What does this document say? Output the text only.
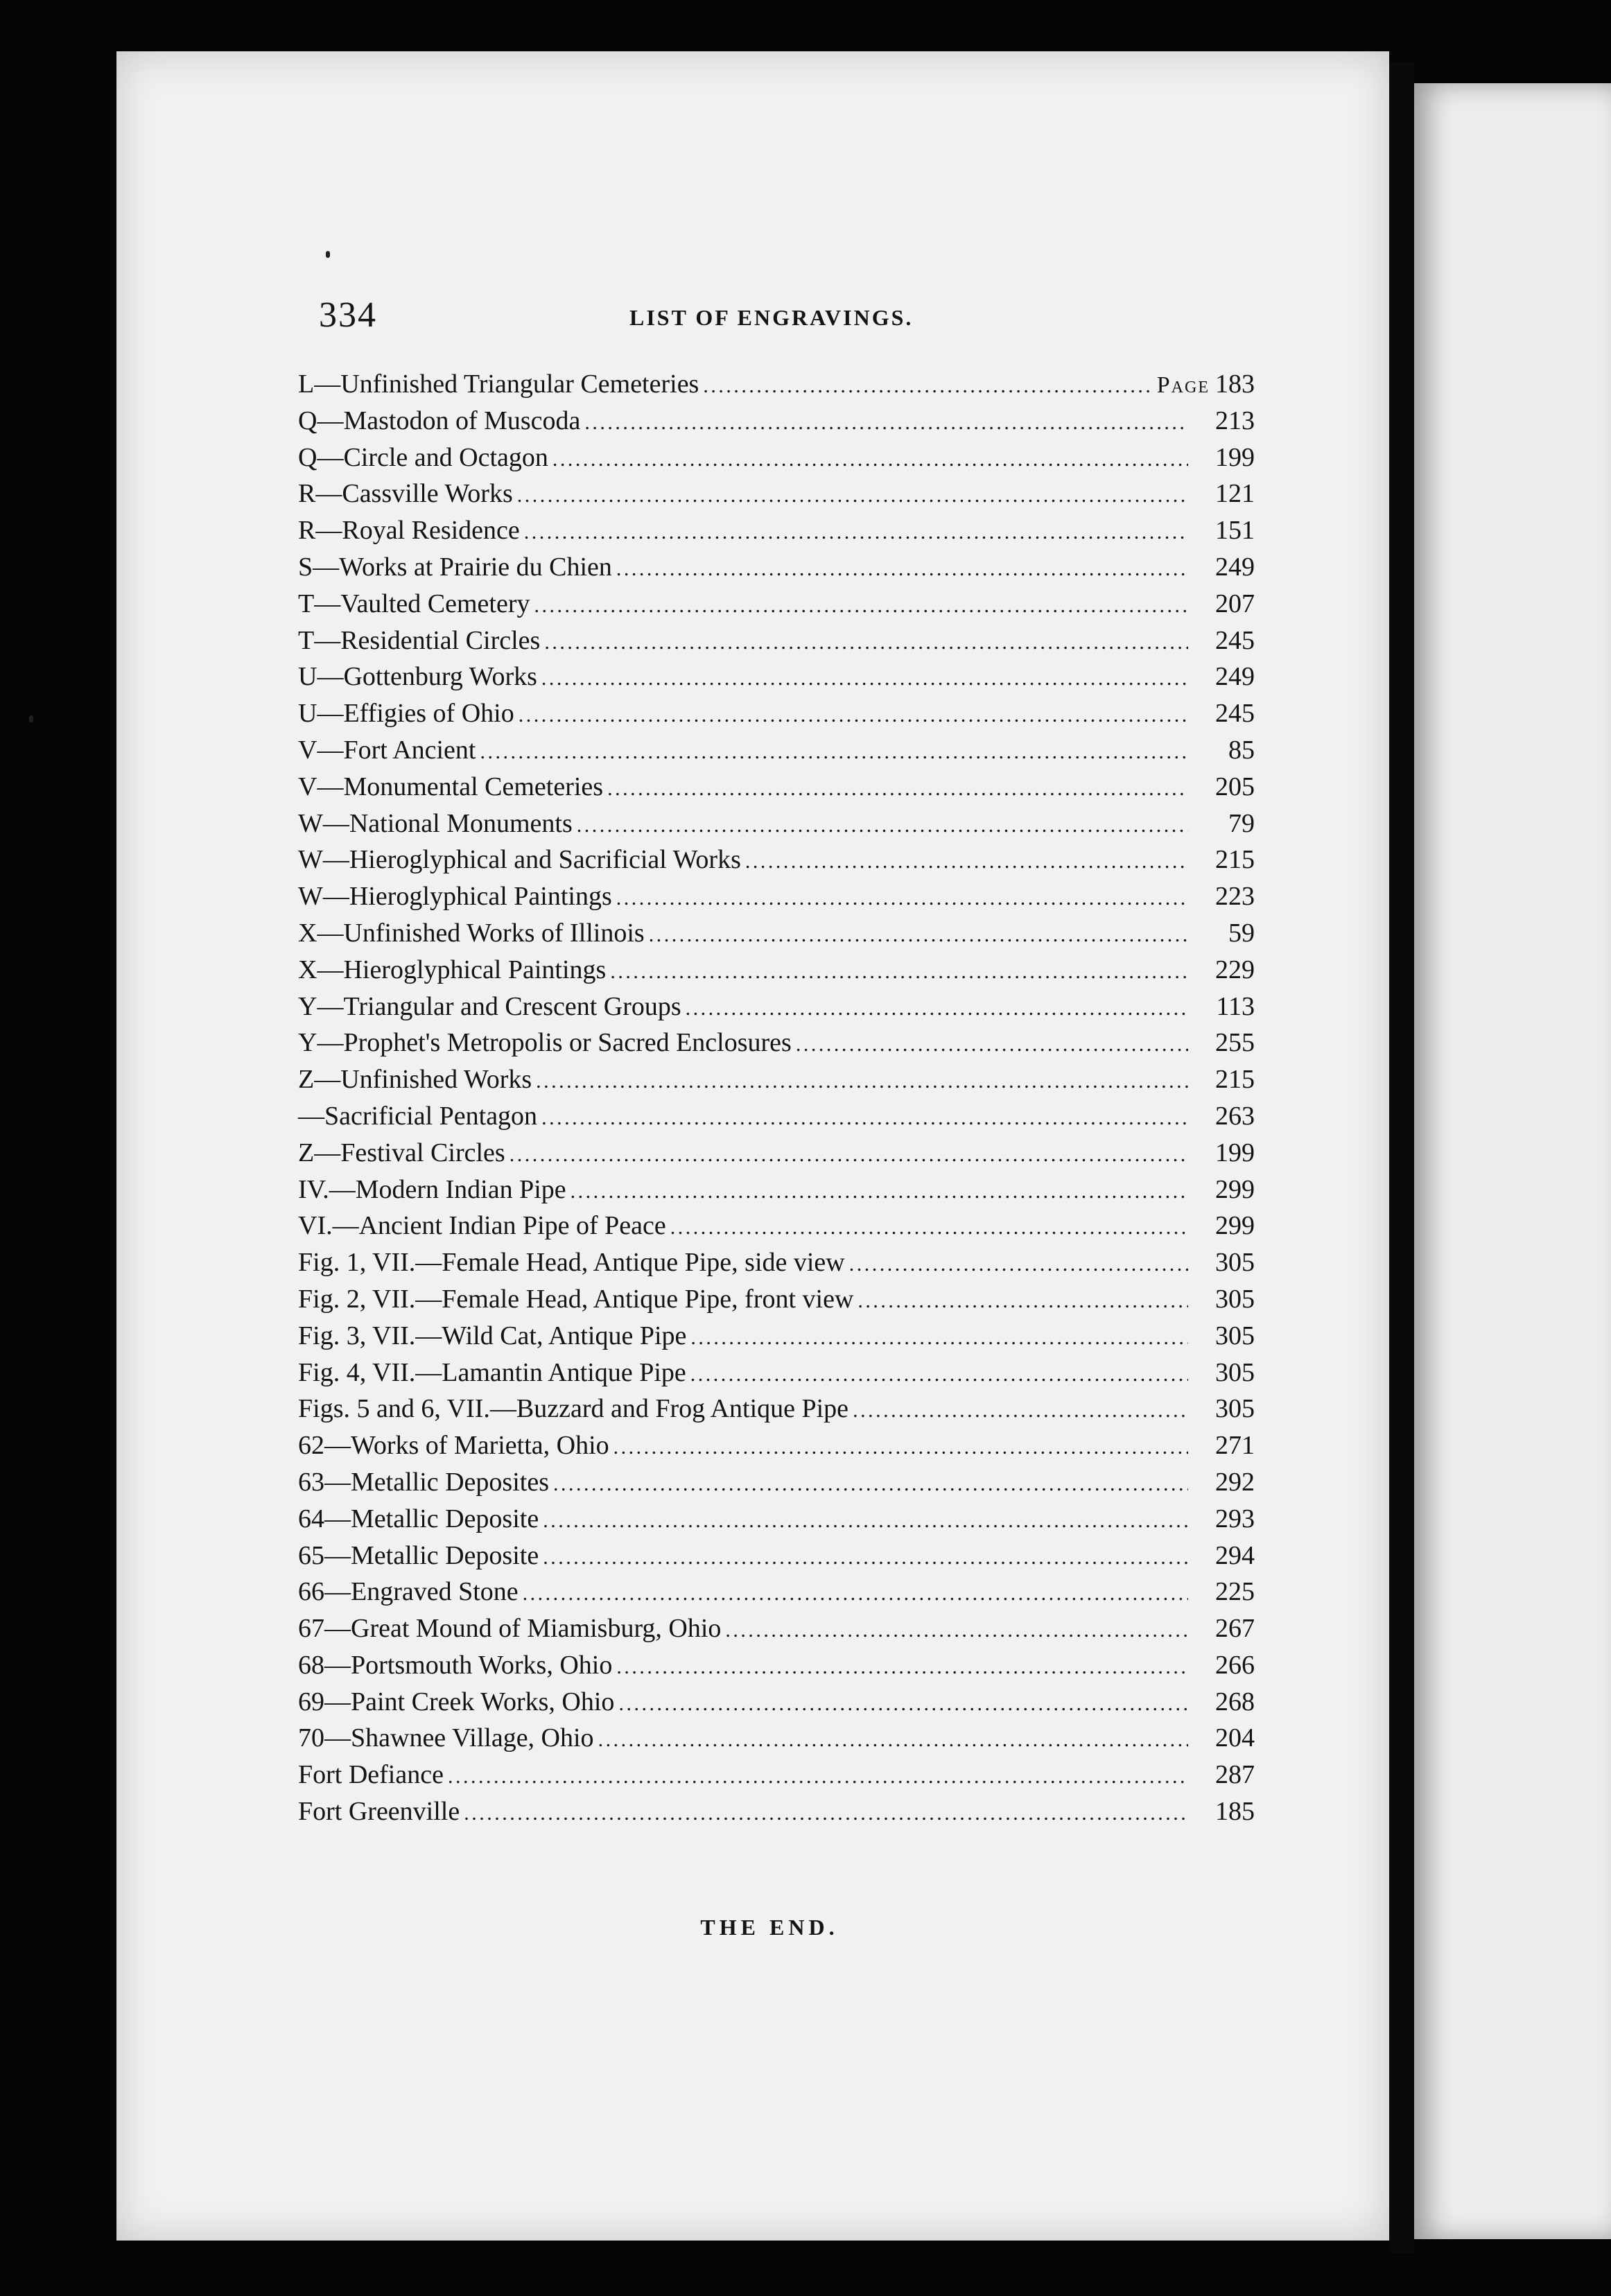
334	LIST OF ENGRAVINGS.
L—Unfinished Triangular Cemeteries . . .	Page 183
Q—Mastodon of Muscoda . . .	213
Q—Circle and Octagon . . .	199
R—Cassville Works . . .	121
R—Royal Residence . . .	151
S—Works at Prairie du Chien . . .	249
T—Vaulted Cemetery . . .	207
T—Residential Circles . . .	245
U—Gottenburg Works . . .	249
U—Effigies of Ohio . . .	245
V—Fort Ancient . . .	85
V—Monumental Cemeteries . . .	205
W—National Monuments . . .	79
W—Hieroglyphical and Sacrificial Works . . .	215
W—Hieroglyphical Paintings . . .	223
X—Unfinished Works of Illinois . . .	59
X—Hieroglyphical Paintings . . .	229
Y—Triangular and Crescent Groups . . .	113
Y—Prophet's Metropolis or Sacred Enclosures . . .	255
Z—Unfinished Works . . .	215
—Sacrificial Pentagon . . .	263
Z—Festival Circles . . .	199
IV.—Modern Indian Pipe . . .	299
VI.—Ancient Indian Pipe of Peace . . .	299
Fig. 1, VII.—Female Head, Antique Pipe, side view . . .	305
Fig. 2, VII.—Female Head, Antique Pipe, front view . . .	305
Fig. 3, VII.—Wild Cat, Antique Pipe . . .	305
Fig. 4, VII.—Lamantin Antique Pipe . . .	305
Figs. 5 and 6, VII.—Buzzard and Frog Antique Pipe . . .	305
62—Works of Marietta, Ohio . . .	271
63—Metallic Deposites . . .	292
64—Metallic Deposite . . .	293
65—Metallic Deposite . . .	294
66—Engraved Stone . . .	225
67—Great Mound of Miamisburg, Ohio . . .	267
68—Portsmouth Works, Ohio . . .	266
69—Paint Creek Works, Ohio . . .	268
70—Shawnee Village, Ohio . . .	204
Fort Defiance . . .	287
Fort Greenville . . .	185
THE END.
